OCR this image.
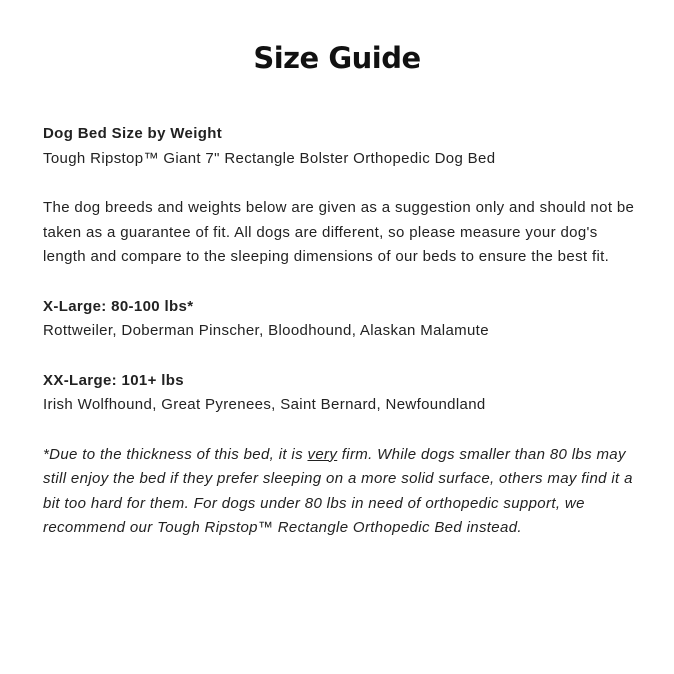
Size Guide

Dog Bed Size by Weight

Tough Ripstop™ Giant 7" Rectangle Bolster Orthopedic Dog Bed

The dog breeds and weights below are given as a suggestion only and should not be taken as a guarantee of fit. All dogs are different, so please measure your dog's length and compare to the sleeping dimensions of our beds to ensure the best fit.

X-Large: 80-100 lbs*

Rottweiler, Doberman Pinscher, Bloodhound, Alaskan Malamute

XX-Large: 101+ lbs

Irish Wolfhound, Great Pyrenees, Saint Bernard, Newfoundland

*Due to the thickness of this bed, it is very firm. While dogs smaller than 80 lbs may still enjoy the bed if they prefer sleeping on a more solid surface, others may find it a bit too hard for them. For dogs under 80 lbs in need of orthopedic support, we recommend our Tough Ripstop™ Rectangle Orthopedic Bed instead.
